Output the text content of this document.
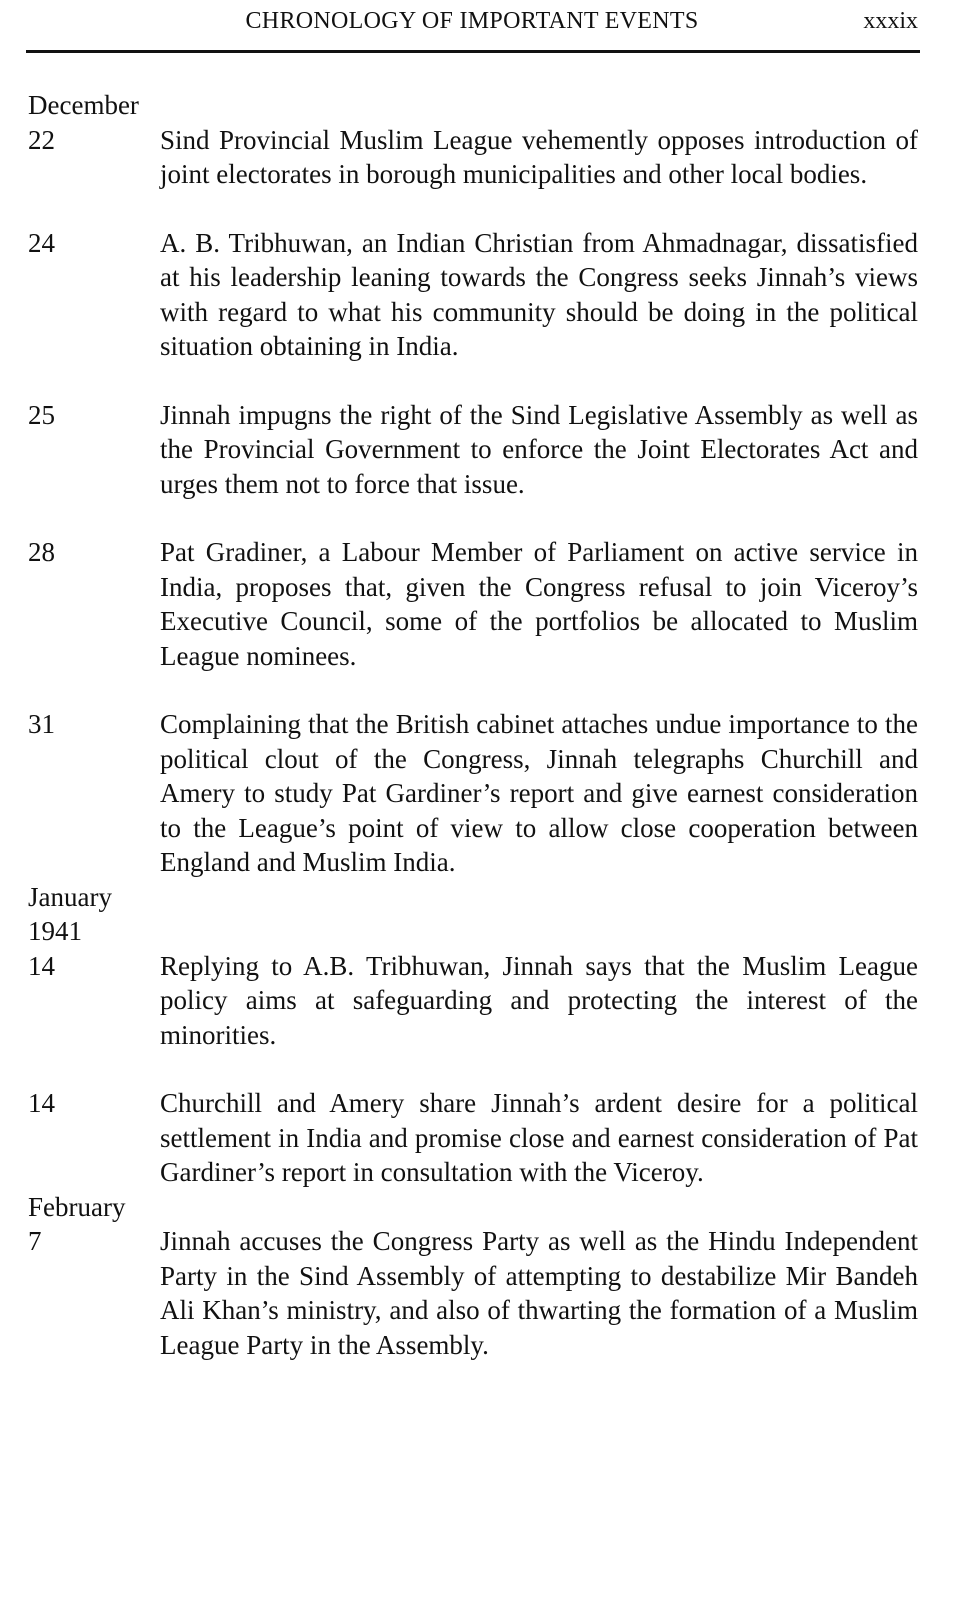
CHRONOLOGY OF IMPORTANT EVENTS	xxxix
December
22	Sind Provincial Muslim League vehemently opposes introduction of joint electorates in borough municipalities and other local bodies.
24	A. B. Tribhuwan, an Indian Christian from Ahmadnagar, dissatisfied at his leadership leaning towards the Congress seeks Jinnah’s views with regard to what his community should be doing in the political situation obtaining in India.
25	Jinnah impugns the right of the Sind Legislative Assembly as well as the Provincial Government to enforce the Joint Electorates Act and urges them not to force that issue.
28	Pat Gradiner, a Labour Member of Parliament on active service in India, proposes that, given the Congress refusal to join Viceroy’s Executive Council, some of the portfolios be allocated to Muslim League nominees.
31	Complaining that the British cabinet attaches undue importance to the political clout of the Congress, Jinnah telegraphs Churchill and Amery to study Pat Gardiner’s report and give earnest consideration to the League’s point of view to allow close cooperation between England and Muslim India.
January
1941
14	Replying to A.B. Tribhuwan, Jinnah says that the Muslim League policy aims at safeguarding and protecting the interest of the minorities.
14	Churchill and Amery share Jinnah’s ardent desire for a political settlement in India and promise close and earnest consideration of Pat Gardiner’s report in consultation with the Viceroy.
February
7	Jinnah accuses the Congress Party as well as the Hindu Independent Party in the Sind Assembly of attempting to destabilize Mir Bandeh Ali Khan’s ministry, and also of thwarting the formation of a Muslim League Party in the Assembly.
